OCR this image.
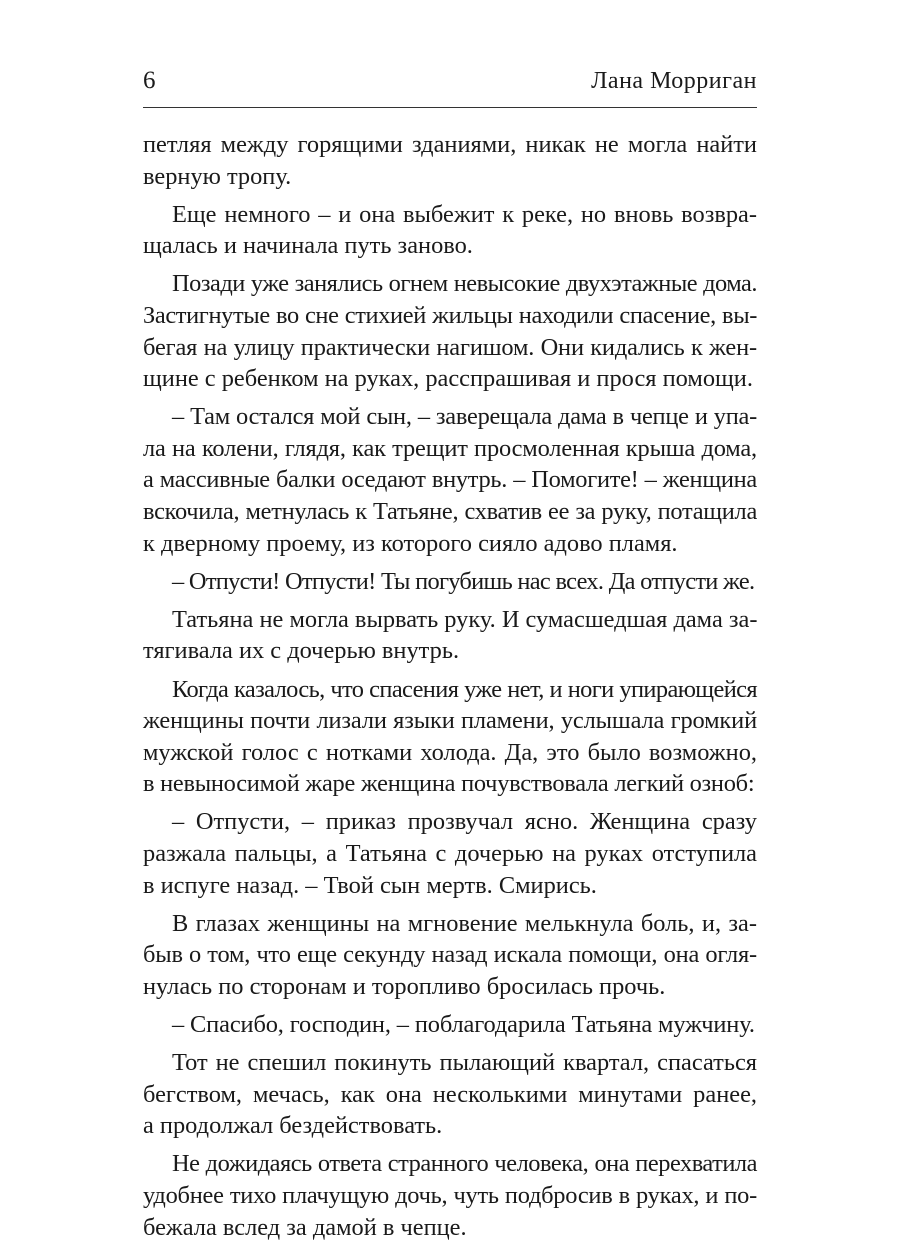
6	Лана Морриган
петляя между горящими зданиями, никак не могла найти
верную тропу.
Еще немного – и она выбежит к реке, но вновь возвра-
щалась и начинала путь заново.
Позади уже занялись огнем невысокие двухэтажные дома.
Застигнутые во сне стихией жильцы находили спасение, вы-
бегая на улицу практически нагишом. Они кидались к жен-
щине с ребенком на руках, расспрашивая и прося помощи.
– Там остался мой сын, – заверещала дама в чепце и упа-
ла на колени, глядя, как трещит просмоленная крыша дома,
а массивные балки оседают внутрь. – Помогите! – женщина
вскочила, метнулась к Татьяне, схватив ее за руку, потащила
к дверному проему, из которого сияло адово пламя.
– Отпусти! Отпусти! Ты погубишь нас всех. Да отпусти же.
Татьяна не могла вырвать руку. И сумасшедшая дама за-
тягивала их с дочерью внутрь.
Когда казалось, что спасения уже нет, и ноги упирающейся
женщины почти лизали языки пламени, услышала громкий
мужской голос с нотками холода. Да, это было возможно,
в невыносимой жаре женщина почувствовала легкий озноб:
– Отпусти, – приказ прозвучал ясно. Женщина сразу
разжала пальцы, а Татьяна с дочерью на руках отступила
в испуге назад. – Твой сын мертв. Смирись.
В глазах женщины на мгновение мелькнула боль, и, за-
быв о том, что еще секунду назад искала помощи, она огля-
нулась по сторонам и торопливо бросилась прочь.
– Спасибо, господин, – поблагодарила Татьяна мужчину.
Тот не спешил покинуть пылающий квартал, спасаться
бегством, мечась, как она несколькими минутами ранее,
а продолжал бездействовать.
Не дожидаясь ответа странного человека, она перехватила
удобнее тихо плачущую дочь, чуть подбросив в руках, и по-
бежала вслед за дамой в чепце.
